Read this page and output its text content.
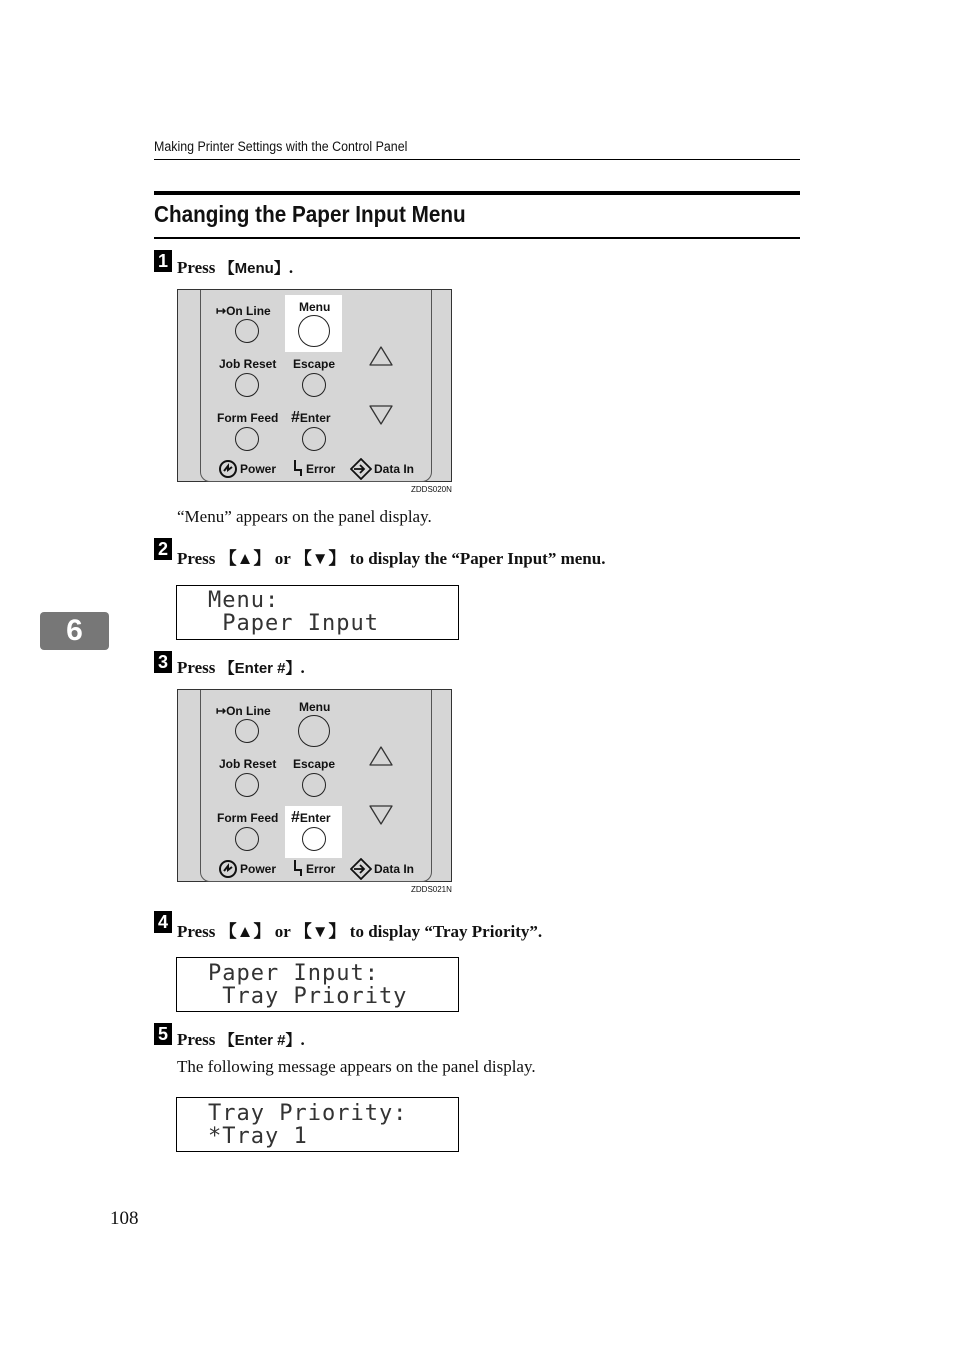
Making Printer Settings with the Control Panel
Changing the Paper Input Menu
6
1 Press 【Menu】.
↦On Line Menu
Job Reset Escape
Form Feed #Enter
Power Error	Data In
ZDDS020N
“Menu” appears on the panel display.
2 Press 【▲】 or 【▼】 to display the “Paper Input” menu.
Menu:
Paper Input
3 Press 【Enter #】.
↦On Line Menu
Job Reset Escape
Form Feed #Enter
Power Error	Data In
ZDDS021N
4 Press 【▲】 or 【▼】 to display “Tray Priority”.
Paper Input:
Tray Priority
5 Press 【Enter #】.
The following message appears on the panel display.
Tray Priority:
*Tray 1
108
